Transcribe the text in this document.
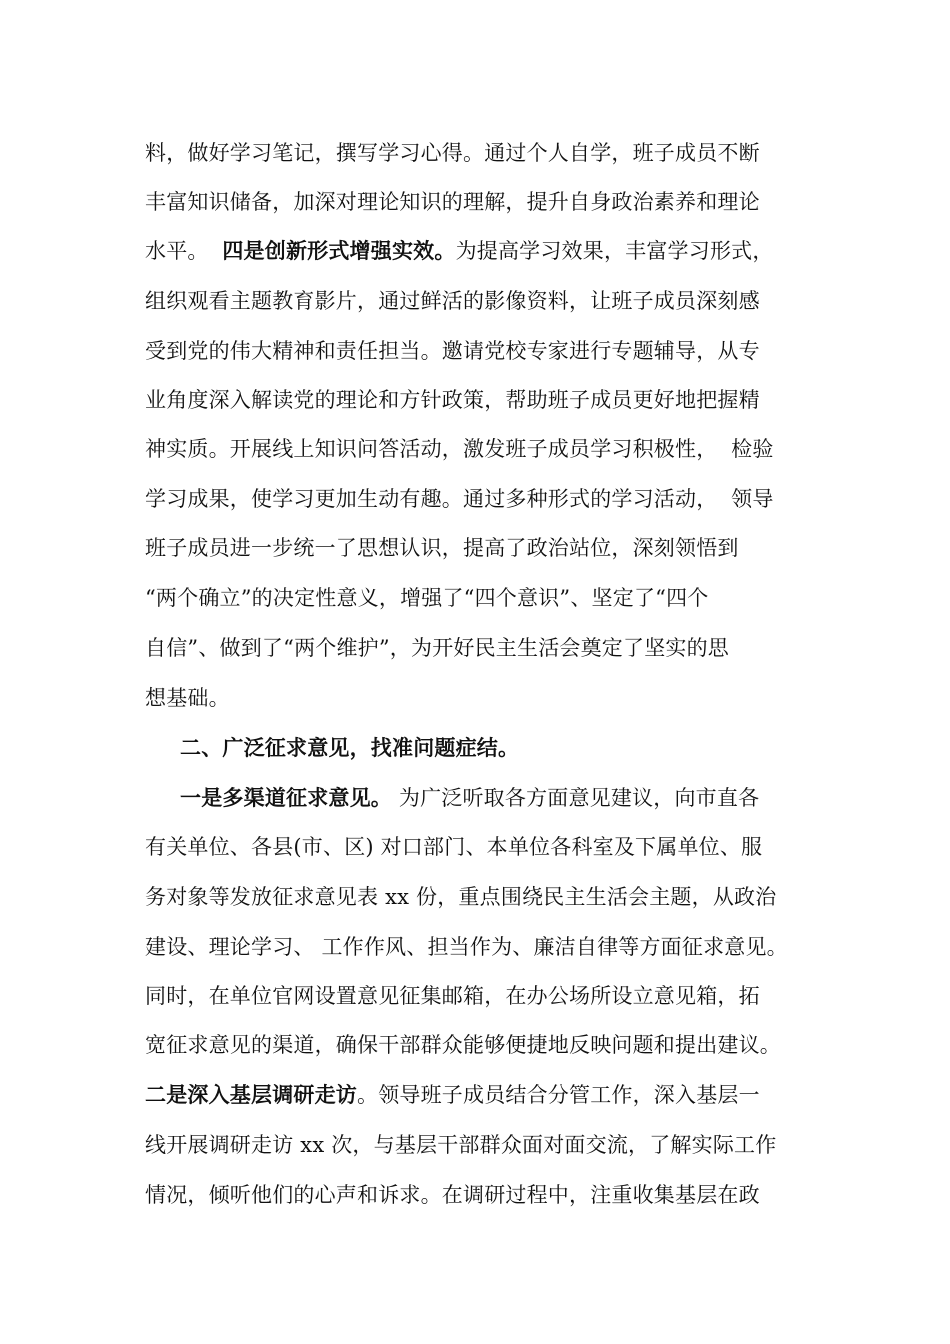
料，做好学习笔记，撰写学习心得。通过个人自学，班子成员不断
丰富知识储备，加深对理论知识的理解，提升自身政治素养和理论
水平。  四是创新形式增强实效。为提高学习效果，丰富学习形式，
组织观看主题教育影片，通过鲜活的影像资料，让班子成员深刻感
受到党的伟大精神和责任担当。邀请党校专家进行专题辅导，从专
业角度深入解读党的理论和方针政策，帮助班子成员更好地把握精
神实质。开展线上知识问答活动，激发班子成员学习积极性，  检验
学习成果，使学习更加生动有趣。通过多种形式的学习活动，  领导
班子成员进一步统一了思想认识，提高了政治站位，深刻领悟到
“两个确立”的决定性意义，增强了“四个意识”、坚定了“四个
自信”、做到了“两个维护”，为开好民主生活会奠定了坚实的思
想基础。
二、广泛征求意见，找准问题症结。
一是多渠道征求意见。 为广泛听取各方面意见建议，向市直各
有关单位、各县(市、区) 对口部门、本单位各科室及下属单位、服
务对象等发放征求意见表 xx 份，重点围绕民主生活会主题，从政治
建设、理论学习、 工作作风、担当作为、廉洁自律等方面征求意见。
同时，在单位官网设置意见征集邮箱，在办公场所设立意见箱，拓
宽征求意见的渠道，确保干部群众能够便捷地反映问题和提出建议。
二是深入基层调研走访。领导班子成员结合分管工作，深入基层一
线开展调研走访 xx 次，与基层干部群众面对面交流，了解实际工作
情况，倾听他们的心声和诉求。在调研过程中，注重收集基层在政
